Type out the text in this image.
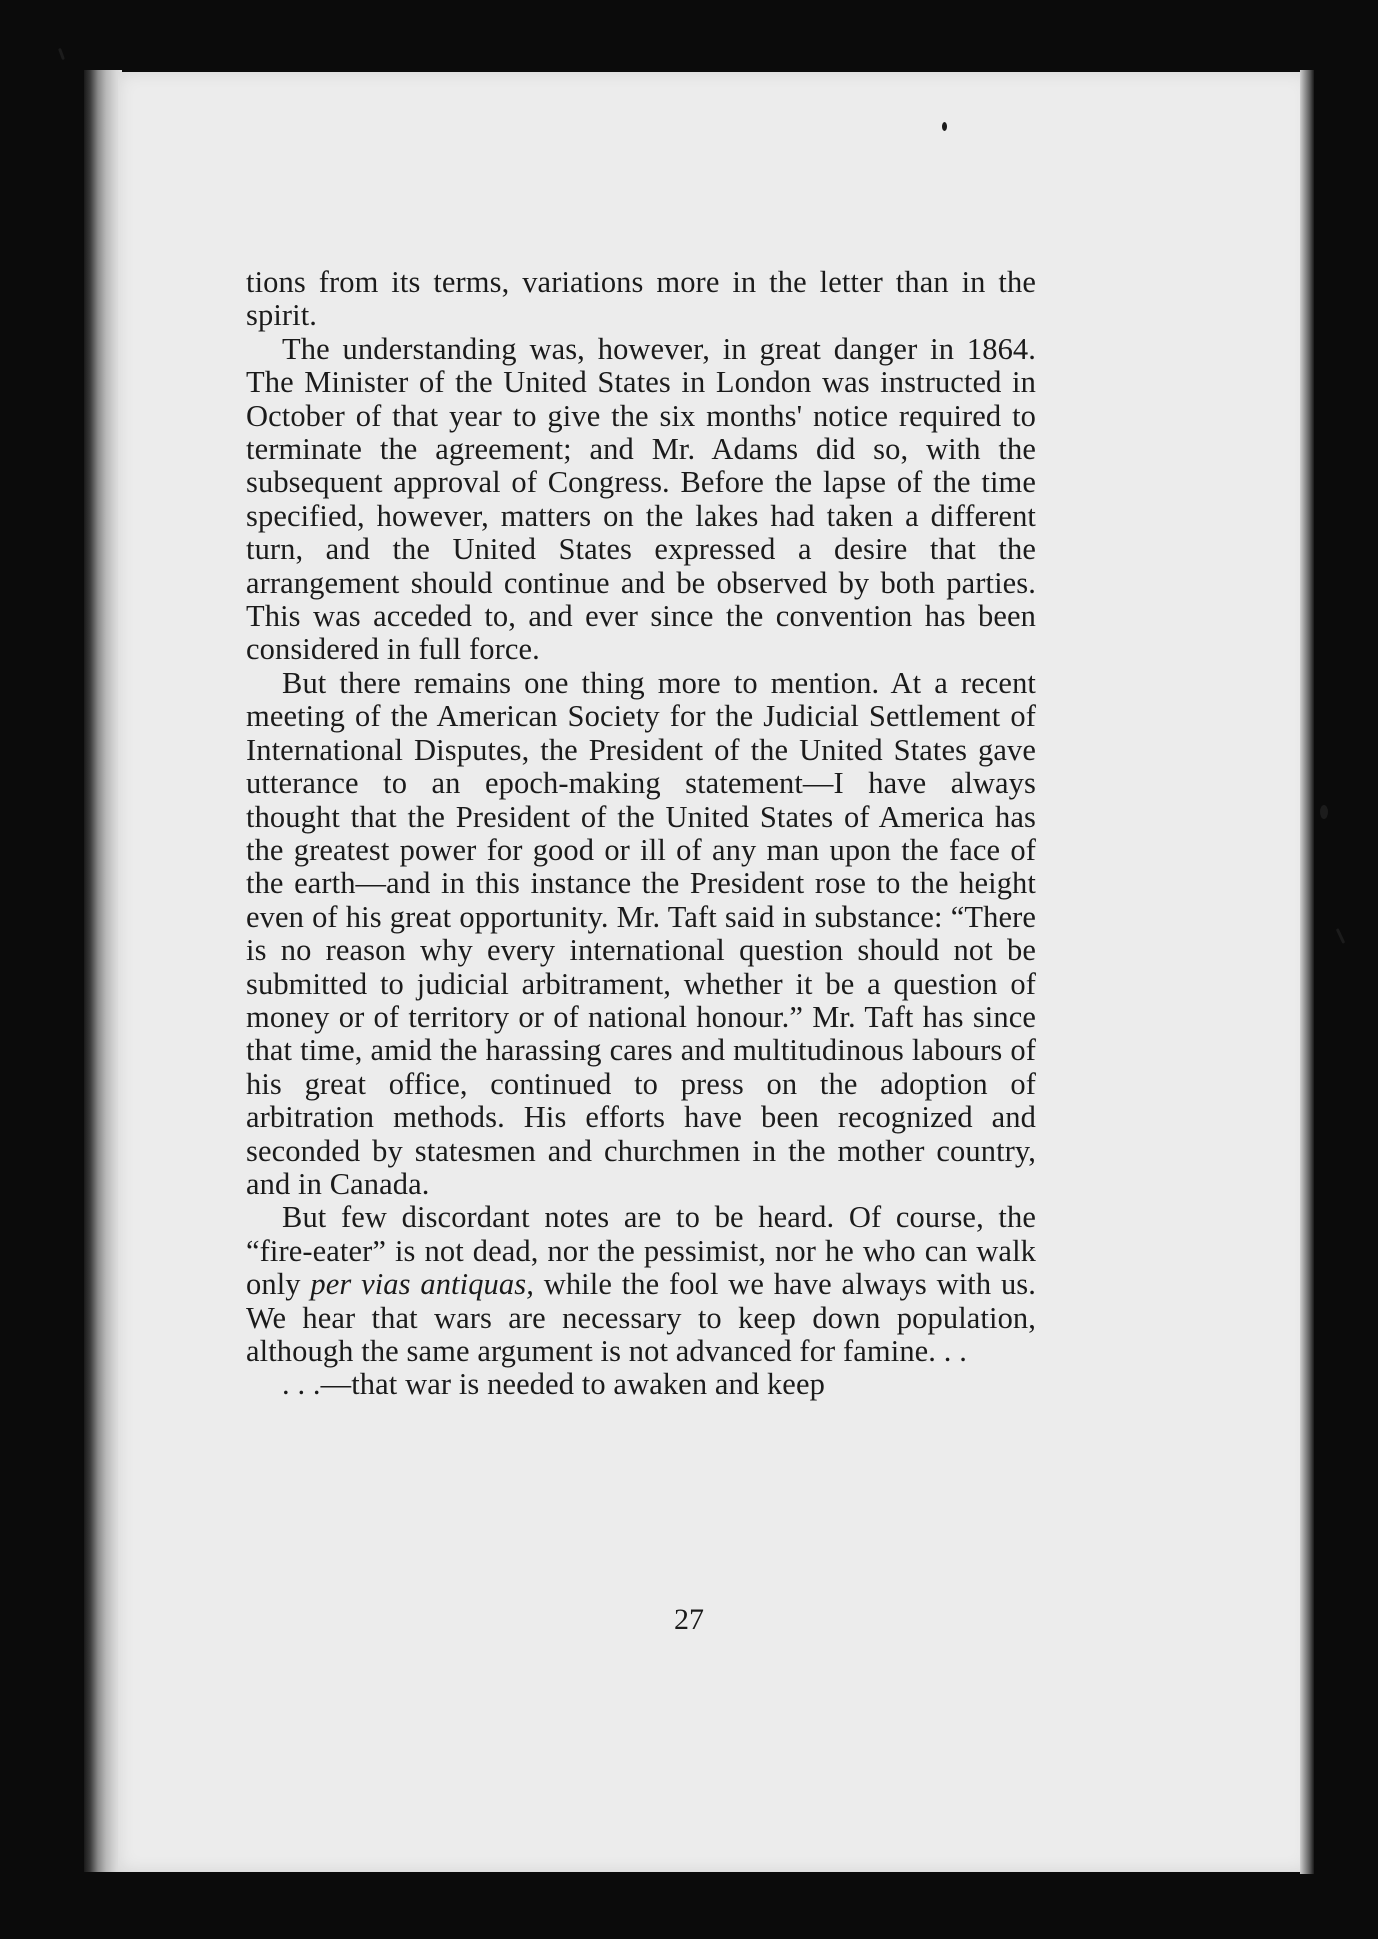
tions from its terms, variations more in the letter than in the spirit.

The understanding was, however, in great danger in 1864. The Minister of the United States in London was instructed in October of that year to give the six months' notice required to terminate the agreement; and Mr. Adams did so, with the subsequent approval of Congress. Before the lapse of the time specified, however, matters on the lakes had taken a different turn, and the United States expressed a desire that the arrangement should continue and be observed by both parties. This was acceded to, and ever since the convention has been considered in full force.

But there remains one thing more to mention. At a recent meeting of the American Society for the Judicial Settlement of International Disputes, the President of the United States gave utterance to an epoch-making statement—I have always thought that the President of the United States of America has the greatest power for good or ill of any man upon the face of the earth—and in this instance the President rose to the height even of his great opportunity. Mr. Taft said in substance: “There is no reason why every international question should not be submitted to judicial arbitrament, whether it be a question of money or of territory or of national honour.” Mr. Taft has since that time, amid the harassing cares and multitudinous labours of his great office, continued to press on the adoption of arbitration methods. His efforts have been recognized and seconded by statesmen and churchmen in the mother country, and in Canada.

But few discordant notes are to be heard. Of course, the “fire-eater” is not dead, nor the pessimist, nor he who can walk only per vias antiquas, while the fool we have always with us. We hear that wars are necessary to keep down population, although the same argument is not advanced for famine. . .

. . .—that war is needed to awaken and keep

27
